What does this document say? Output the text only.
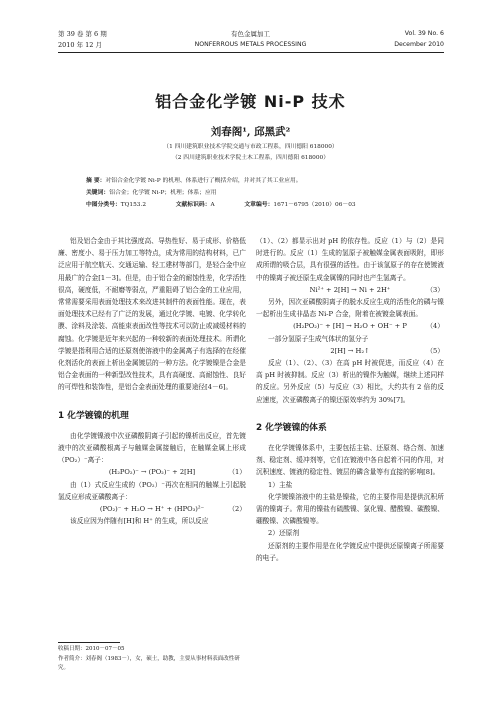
第 39 卷 第 6 期
2010 年 12 月
有色金属加工
NONFERROUS METALS PROCESSING
Vol. 39 No. 6
December 2010
铝合金化学镀 Ni-P 技术
刘春阁¹, 邱黑武²
（1 四川建筑职业技术学院交通与市政工程系，四川德阳 618000）
（2 四川建筑职业技术学院土木工程系，四川德阳 618000）
摘 要：对铝合金化学镀 Ni-P 的机理、体系进行了概括介绍，并对其了其工业应用。
关键词：铝合金；化学镀 Ni-P；机理；体系；应用
中图分类号：TQ153.2	文献标识码：A	文章编号：1671－6795（2010）06－03

铝及铝合金由于其比强度高、导热性好、易于成形、价格低廉、密度小、易于压力加工等特点，成为常用的结构材料，已广泛应用于航空航天、交通运输、轻工建材等部门，是轻合金中应用最广的合金[1－3]。但是，由于铝合金的耐蚀性差，化学活性很高，硬度低，不耐磨等弱点，严重阻碍了铝合金的工业应用，常常需要采用表面处理技术来改进其制件的表面性能。现在，表面处理技术已经有了广泛的发展，通过化学镀、电镀、化学转化膜、涂料及涂装、高能束表面改性等技术可以防止或减缓材料的腐蚀。化学镀是近年来兴起的一种较新的表面处理技术。所谓化学镀是指利用合适的还原剂使溶液中的金属离子有选择的在经催化剂活化的表面上析出金属镀层的一种方法。化学镀镍是合金是铝合金表面的一种新型改性技术，具有高硬度、高耐蚀性、良好的可焊性和装饰性，是铝合金表面处理的重要途径[4－6]。

1 化学镀镍的机理

由化学镀镍液中次亚磷酸阴离子引起的镍析出反应，首先镀液中的次亚磷酸根离子与触媒金属接触后，在触媒金属上形成（PO₂）⁻离子：

(H₂PO₂)⁻ → (PO₂)⁻ + 2[H]	（1）

由（1）式反应生成的（PO₂）⁻再次在相同的触媒上引起脱氢反应形成亚磷酸离子：

(PO₂)⁻ + H₂O → H⁺ + (HPO₃)²⁻	（2）

该反应因为伴随有[H]和 H⁺ 的生成，所以反应

收稿日期：2010－07－05
作者简介：刘春阁（1983－），女，硕士，助教，主要从事材料表面改性研究。

（1）、（2）都显示出对 pH 的依存性。反应（1）与（2）是同时进行的。反应（1）生成的氢原子被触媒金属表面吸附，即形成所谓的吸合层，具有很强的活性。由于该氢原子的存在使镀液中的镍离子被还原生成金属镍的同时也产生氢离子。

Ni²⁺ + 2[H] → Ni + 2H⁺	（3）

另外，因次亚磷酸阴离子的脱水反应生成的活性化的磷与镍一起析出生成非晶态 Ni-P 合金，附着在被镀金属表面。

(H₂PO₂)⁻ + [H] → H₂O + OH⁻ + P	（4）

一部分氢原子生成气体状的氢分子

2[H] → H₂↑	（5）

反应（1）、（2）、（3）在高 pH 时被促进，而反应（4）在高 pH 时被抑制。反应（3）析出的镍作为触媒，继续上述同样的反应。另外反应（5）与反应（3）相比，大约共有 2 倍的反应速度，次亚磷酸离子的镍还原效率约为 30%[7]。

2 化学镀镍的体系

在化学镀镍体系中，主要包括主盐、还原剂、络合剂、加速剂、稳定剂、缓冲剂等，它们在镀液中各自起着不同的作用，对沉积速度、镀液的稳定性、镀层的磷含量等有直接的影响[8]。

1）主盐

化学镀镍溶液中的主盐是镍盐，它的主要作用是提供沉积所需的镍离子。常用的镍盐有硫酸镍、氯化镍、醋酸镍、碳酸镍、硼酸镍、次磷酸镍等。

2）还原剂

还原剂的主要作用是在化学镀反应中提供还原镍离子所需要的电子。
